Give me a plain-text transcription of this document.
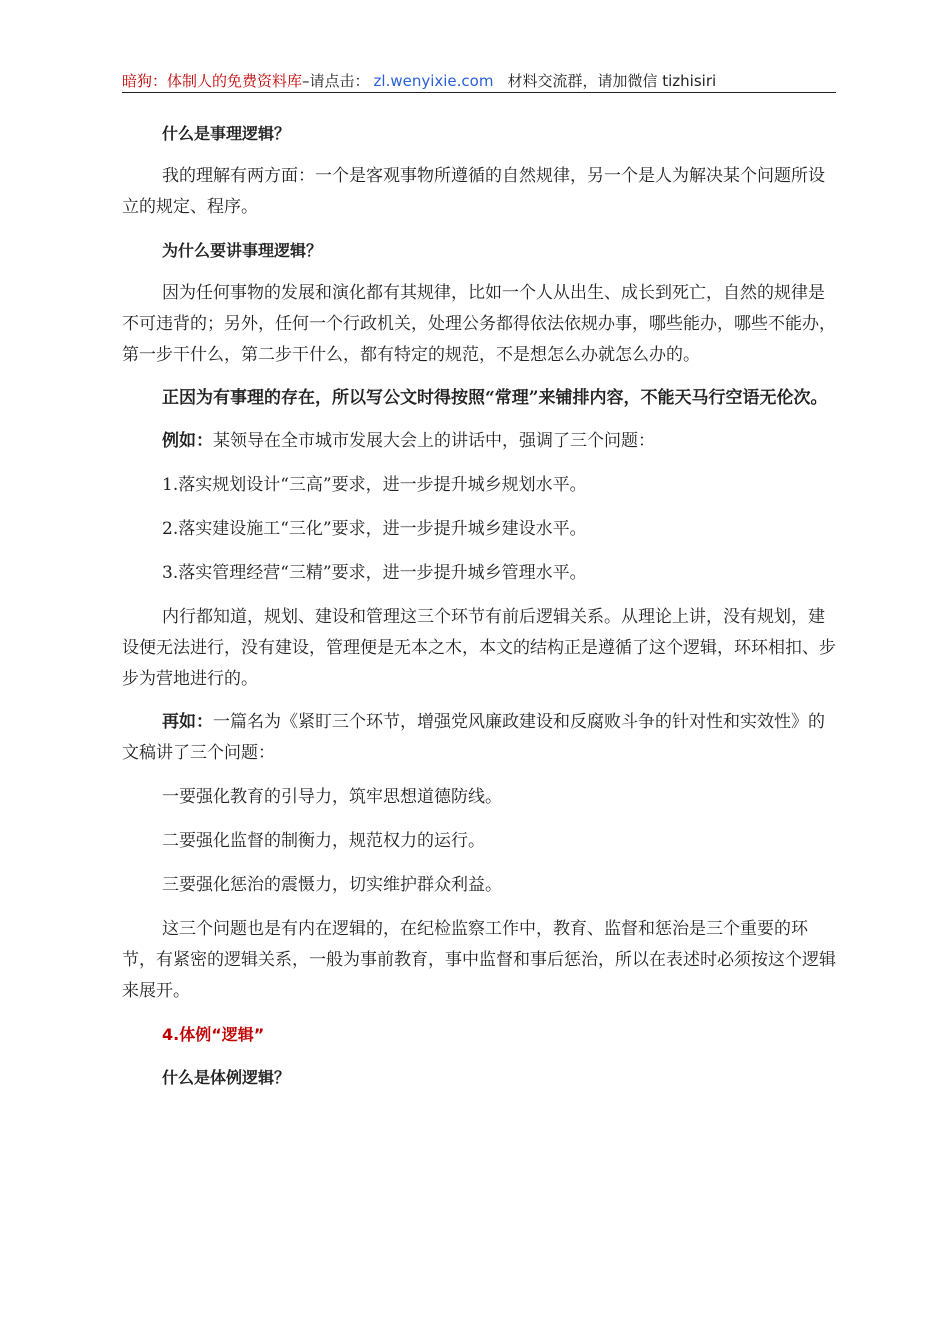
暗狗：体制人的免费资料库–请点击： zl.wenyixie.com 材料交流群，请加微信 tizhisiri

什么是事理逻辑？

我的理解有两方面：一个是客观事物所遵循的自然规律，另一个是人为解决某个问题所设立的规定、程序。

为什么要讲事理逻辑？

因为任何事物的发展和演化都有其规律，比如一个人从出生、成长到死亡，自然的规律是不可违背的；另外，任何一个行政机关，处理公务都得依法依规办事，哪些能办，哪些不能办，第一步干什么，第二步干什么，都有特定的规范，不是想怎么办就怎么办的。

正因为有事理的存在，所以写公文时得按照“常理”来铺排内容，不能天马行空语无伦次。

例如：某领导在全市城市发展大会上的讲话中，强调了三个问题：

1.落实规划设计“三高”要求，进一步提升城乡规划水平。

2.落实建设施工“三化”要求，进一步提升城乡建设水平。

3.落实管理经营“三精”要求，进一步提升城乡管理水平。

内行都知道，规划、建设和管理这三个环节有前后逻辑关系。从理论上讲，没有规划，建设便无法进行，没有建设，管理便是无本之木，本文的结构正是遵循了这个逻辑，环环相扣、步步为营地进行的。

再如：一篇名为《紧盯三个环节，增强党风廉政建设和反腐败斗争的针对性和实效性》的文稿讲了三个问题：

一要强化教育的引导力，筑牢思想道德防线。

二要强化监督的制衡力，规范权力的运行。

三要强化惩治的震慑力，切实维护群众利益。

这三个问题也是有内在逻辑的，在纪检监察工作中，教育、监督和惩治是三个重要的环节，有紧密的逻辑关系，一般为事前教育，事中监督和事后惩治，所以在表述时必须按这个逻辑来展开。

4.体例“逻辑”

什么是体例逻辑？
